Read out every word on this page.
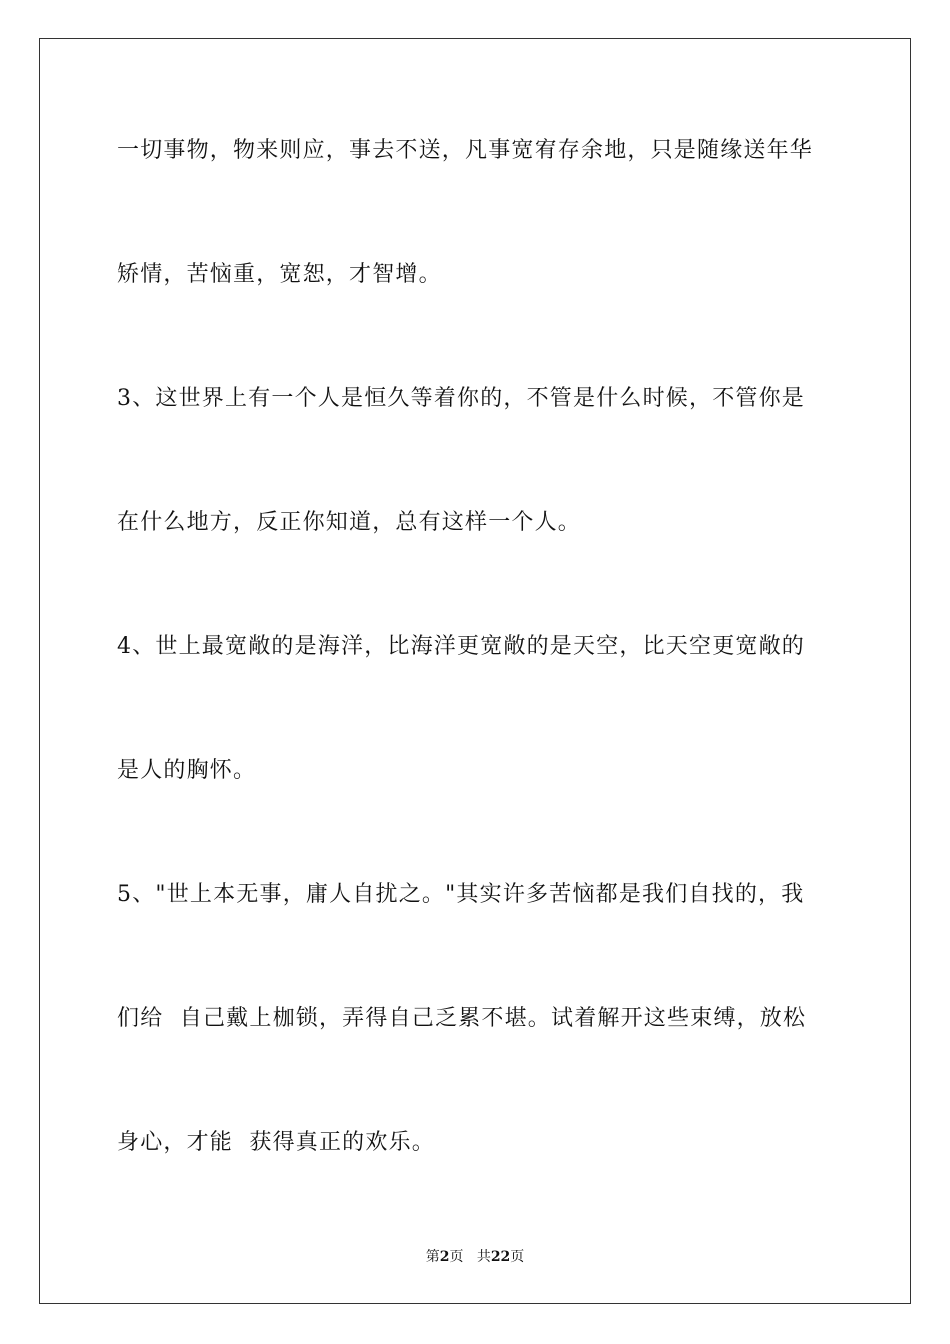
一切事物，物来则应，事去不送，凡事宽宥存余地，只是随缘送年华
矫情，苦恼重，宽恕，才智增。
3、这世界上有一个人是恒久等着你的，不管是什么时候，不管你是
在什么地方，反正你知道，总有这样一个人。
4、世上最宽敞的是海洋，比海洋更宽敞的是天空，比天空更宽敞的
是人的胸怀。
5、"世上本无事，庸人自扰之。"其实许多苦恼都是我们自找的，我
们给  自己戴上枷锁，弄得自己乏累不堪。试着解开这些束缚，放松
身心，才能  获得真正的欢乐。
第2页 共22页
